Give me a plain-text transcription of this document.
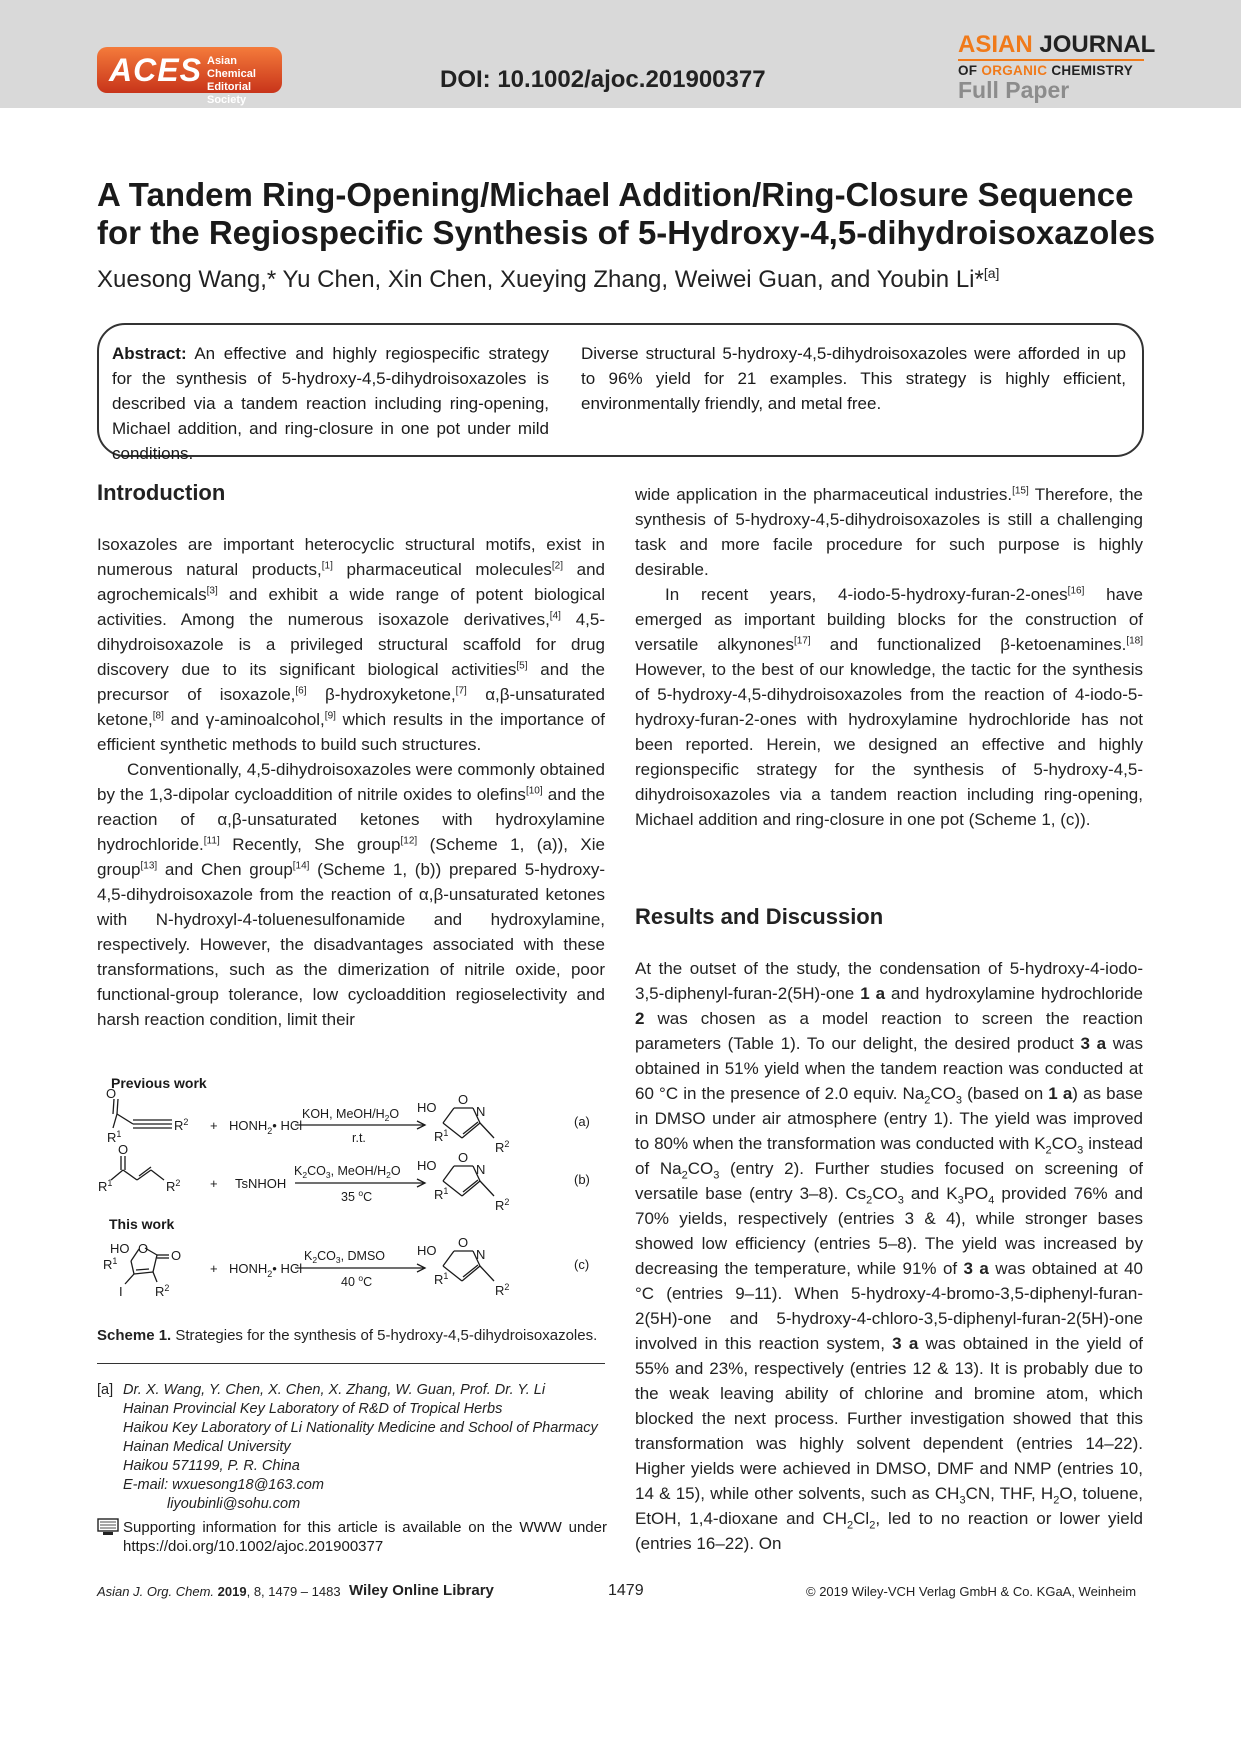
ACES Asian Chemical Editorial Society
DOI: 10.1002/ajoc.201900377
ASIAN JOURNAL
OF ORGANIC CHEMISTRY
Full Paper
A Tandem Ring-Opening/Michael Addition/Ring-Closure Sequence
for the Regiospecific Synthesis of 5-Hydroxy-4,5-dihydroisoxazoles
Xuesong Wang,* Yu Chen, Xin Chen, Xueying Zhang, Weiwei Guan, and Youbin Li*[a]
Abstract: An effective and highly regiospecific strategy for the synthesis of 5-hydroxy-4,5-dihydroisoxazoles is described via a tandem reaction including ring-opening, Michael addition, and ring-closure in one pot under mild conditions.
Diverse structural 5-hydroxy-4,5-dihydroisoxazoles were afforded in up to 96% yield for 21 examples. This strategy is highly efficient, environmentally friendly, and metal free.
Introduction

Isoxazoles are important heterocyclic structural motifs, exist in numerous natural products,[1] pharmaceutical molecules[2] and agrochemicals[3] and exhibit a wide range of potent biological activities. Among the numerous isoxazole derivatives,[4] 4,5-dihydroisoxazole is a privileged structural scaffold for drug discovery due to its significant biological activities[5] and the precursor of isoxazole,[6] β-hydroxyketone,[7] α,β-unsaturated ketone,[8] and γ-aminoalcohol,[9] which results in the importance of efficient synthetic methods to build such structures.

Conventionally, 4,5-dihydroisoxazoles were commonly obtained by the 1,3-dipolar cycloaddition of nitrile oxides to olefins[10] and the reaction of α,β-unsaturated ketones with hydroxylamine hydrochloride.[11] Recently, She group[12] (Scheme 1, (a)), Xie group[13] and Chen group[14] (Scheme 1, (b)) prepared 5-hydroxy-4,5-dihydroisoxazole from the reaction of α,β-unsaturated ketones with N-hydroxyl-4-toluenesulfonamide and hydroxylamine, respectively. However, the disadvantages associated with these transformations, such as the dimerization of nitrile oxide, poor functional-group tolerance, low cycloaddition regioselectivity and harsh reaction condition, limit their

Previous work
This work
O
$R^1$
$R^2$ + $HONH_2•$ HCl
KOH, MeOH/$H_2O$
r.t.
HO
O
N
$R^1$
$R^2$
(a)
O
$R^1$	$R^2$ + TsNHOH
$K_2CO_3$, MeOH/$H_2O$
35 $^o$C
HO
O
N
$R^1$
$R^2$
(b)
HO O
$R^1$	O
I $R^2$
+ $HONH_2•$ HCl
$K_2CO_3$, DMSO
40 $^o$C
HO
O
N
$R^1$
$R^2$
(c)
Scheme 1. Strategies for the synthesis of 5-hydroxy-4,5-dihydroisoxazoles.
[a] Dr. X. Wang, Y. Chen, X. Chen, X. Zhang, W. Guan, Prof. Dr. Y. Li
Hainan Provincial Key Laboratory of R&D of Tropical Herbs
Haikou Key Laboratory of Li Nationality Medicine and School of Pharmacy
Hainan Medical University
Haikou 571199, P. R. China
E-mail: wxuesong18@163.com
liyoubinli@sohu.com
Supporting information for this article is available on the WWW under https://doi.org/10.1002/ajoc.201900377

wide application in the pharmaceutical industries.[15] Therefore, the synthesis of 5-hydroxy-4,5-dihydroisoxazoles is still a challenging task and more facile procedure for such purpose is highly desirable.

In recent years, 4-iodo-5-hydroxy-furan-2-ones[16] have emerged as important building blocks for the construction of versatile alkynones[17] and functionalized β-ketoenamines.[18] However, to the best of our knowledge, the tactic for the synthesis of 5-hydroxy-4,5-dihydroisoxazoles from the reaction of 4-iodo-5-hydroxy-furan-2-ones with hydroxylamine hydrochloride has not been reported. Herein, we designed an effective and highly regionspecific strategy for the synthesis of 5-hydroxy-4,5-dihydroisoxazoles via a tandem reaction including ring-opening, Michael addition and ring-closure in one pot (Scheme 1, (c)).

Results and Discussion

At the outset of the study, the condensation of 5-hydroxy-4-iodo-3,5-diphenyl-furan-2(5H)-one 1 a and hydroxylamine hydrochloride 2 was chosen as a model reaction to screen the reaction parameters (Table 1). To our delight, the desired product 3 a was obtained in 51% yield when the tandem reaction was conducted at 60 °C in the presence of 2.0 equiv. $Na_2CO_3$ (based on 1 a) as base in DMSO under air atmosphere (entry 1). The yield was improved to 80% when the transformation was conducted with $K_2CO_3$ instead of $Na_2CO_3$ (entry 2). Further studies focused on screening of versatile base (entry 3–8). $Cs_2CO_3$ and $K_3PO_4$ provided 76% and 70% yields, respectively (entries 3 & 4), while stronger bases showed low efficiency (entries 5–8). The yield was increased by decreasing the temperature, while 91% of 3 a was obtained at 40 °C (entries 9–11). When 5-hydroxy-4-bromo-3,5-diphenyl-furan-2(5H)-one and 5-hydroxy-4-chloro-3,5-diphenyl-furan-2(5H)-one involved in this reaction system, 3 a was obtained in the yield of 55% and 23%, respectively (entries 12 & 13). It is probably due to the weak leaving ability of chlorine and bromine atom, which blocked the next process. Further investigation showed that this transformation was highly solvent dependent (entries 14–22). Higher yields were achieved in DMSO, DMF and NMP (entries 10, 14 & 15), while other solvents, such as $CH_3CN$, THF, $H_2O$, toluene, EtOH, 1,4-dioxane and $CH_2Cl_2$, led to no reaction or lower yield (entries 16–22). On

Asian J. Org. Chem. 2019, 8, 1479 – 1483 Wiley Online Library	1479	© 2019 Wiley-VCH Verlag GmbH & Co. KGaA, Weinheim
